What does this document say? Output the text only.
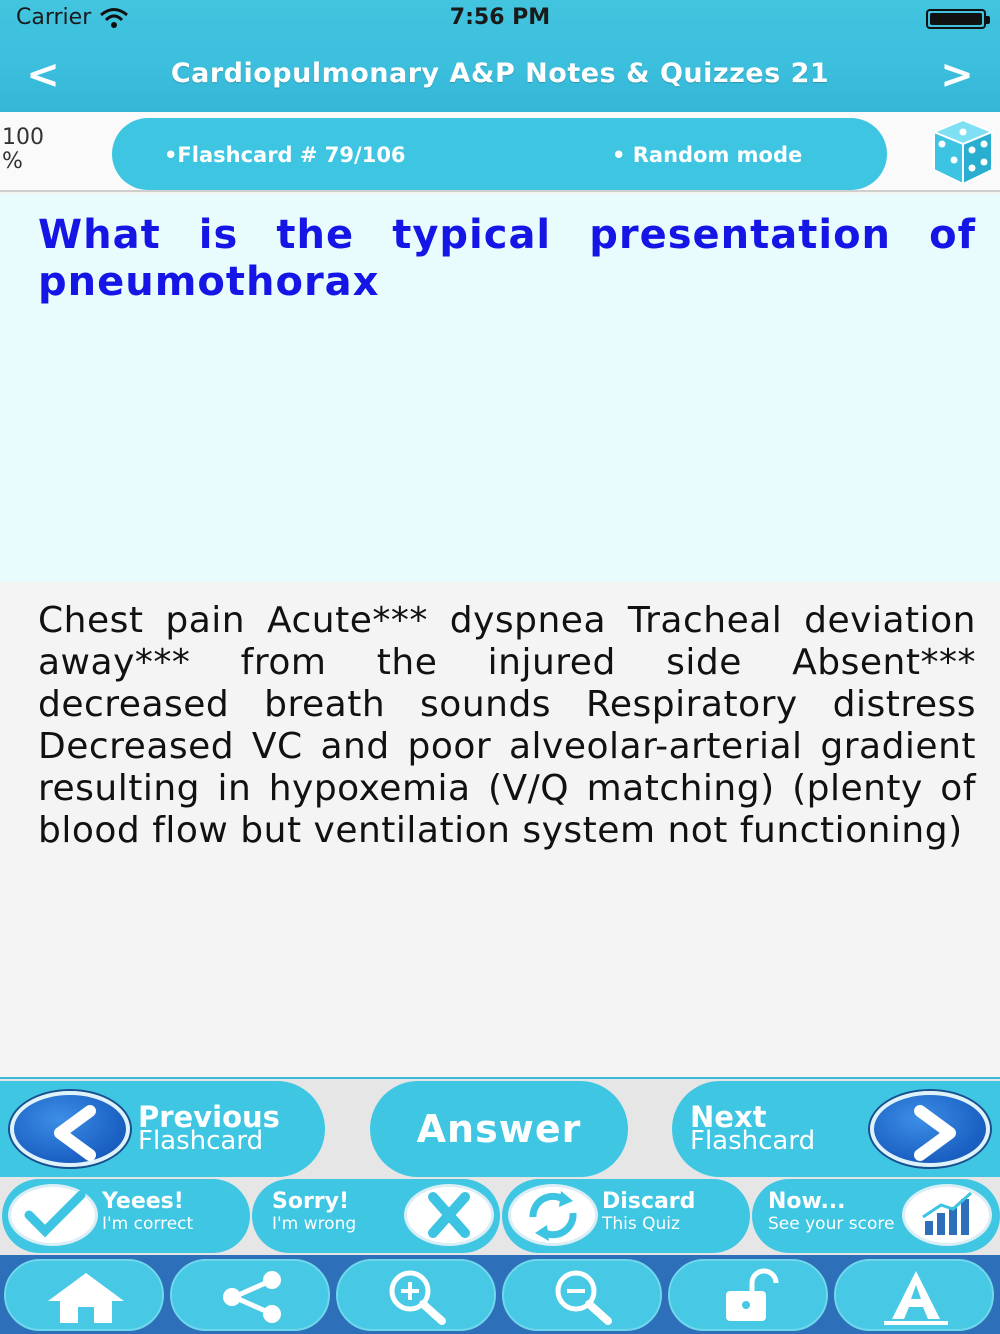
Carrier	7:56 PM
<	Cardiopulmonary A&P Notes & Quizzes 21	>
100
%	•Flashcard # 79/106	• Random mode
What is the typical presentation of pneumothorax
Chest pain Acute*** dyspnea Tracheal deviation away*** from the injured side Absent*** decreased breath sounds Respiratory distress Decreased VC and poor alveolar-arterial gradient resulting in hypoxemia (V/Q matching) (plenty of blood flow but ventilation system not functioning)
Previous
Flashcard	Answer	Next
Flashcard
Yeees!
I'm correct
Sorry!
I'm wrong
Discard
This Quiz
Now...
See your score
